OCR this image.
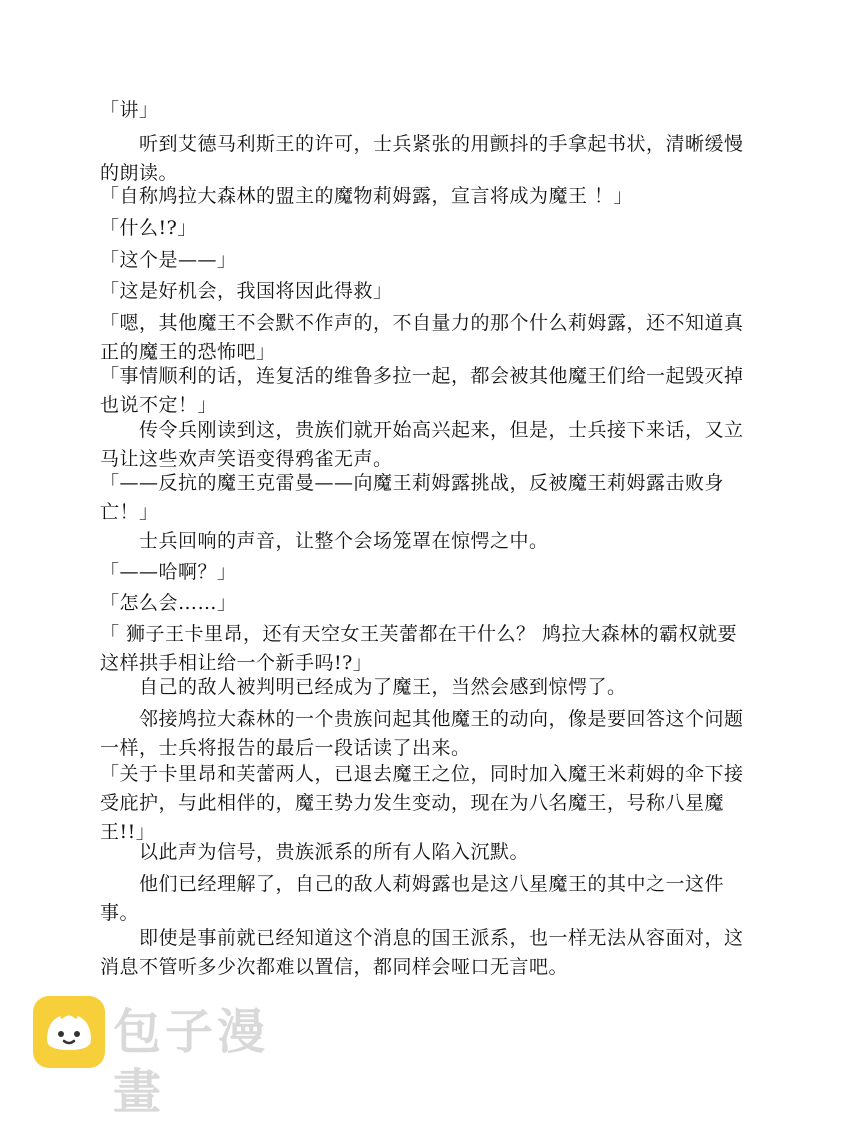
「讲」

　　听到艾德马利斯王的许可，士兵紧张的用颤抖的手拿起书状，清晰缓慢的朗读。

「自称鸠拉大森林的盟主的魔物莉姆露，宣言将成为魔王 ！」

「什么!?」

「这个是——」

「这是好机会，我国将因此得救」

「嗯，其他魔王不会默不作声的，不自量力的那个什么莉姆露，还不知道真正的魔王的恐怖吧」

「事情顺利的话，连复活的维鲁多拉一起，都会被其他魔王们给一起毁灭掉也说不定！」

　　传令兵刚读到这，贵族们就开始高兴起来，但是，士兵接下来话，又立马让这些欢声笑语变得鸦雀无声。

「——反抗的魔王克雷曼——向魔王莉姆露挑战，反被魔王莉姆露击败身亡！」

　　士兵回响的声音，让整个会场笼罩在惊愕之中。

「——哈啊？」

「怎么会……」

「 狮子王卡里昂，还有天空女王芙蕾都在干什么？ 鸠拉大森林的霸权就要这样拱手相让给一个新手吗!?」

　　自己的敌人被判明已经成为了魔王，当然会感到惊愕了。

　　邻接鸠拉大森林的一个贵族问起其他魔王的动向，像是要回答这个问题一样，士兵将报告的最后一段话读了出来。

「关于卡里昂和芙蕾两人，已退去魔王之位，同时加入魔王米莉姆的伞下接受庇护，与此相伴的，魔王势力发生变动，现在为八名魔王，号称八星魔王!!」

　　以此声为信号，贵族派系的所有人陷入沉默。

　　他们已经理解了，自己的敌人莉姆露也是这八星魔王的其中之一这件事。

　　即使是事前就已经知道这个消息的国王派系，也一样无法从容面对，这消息不管听多少次都难以置信，都同样会哑口无言吧。

包子漫畫
